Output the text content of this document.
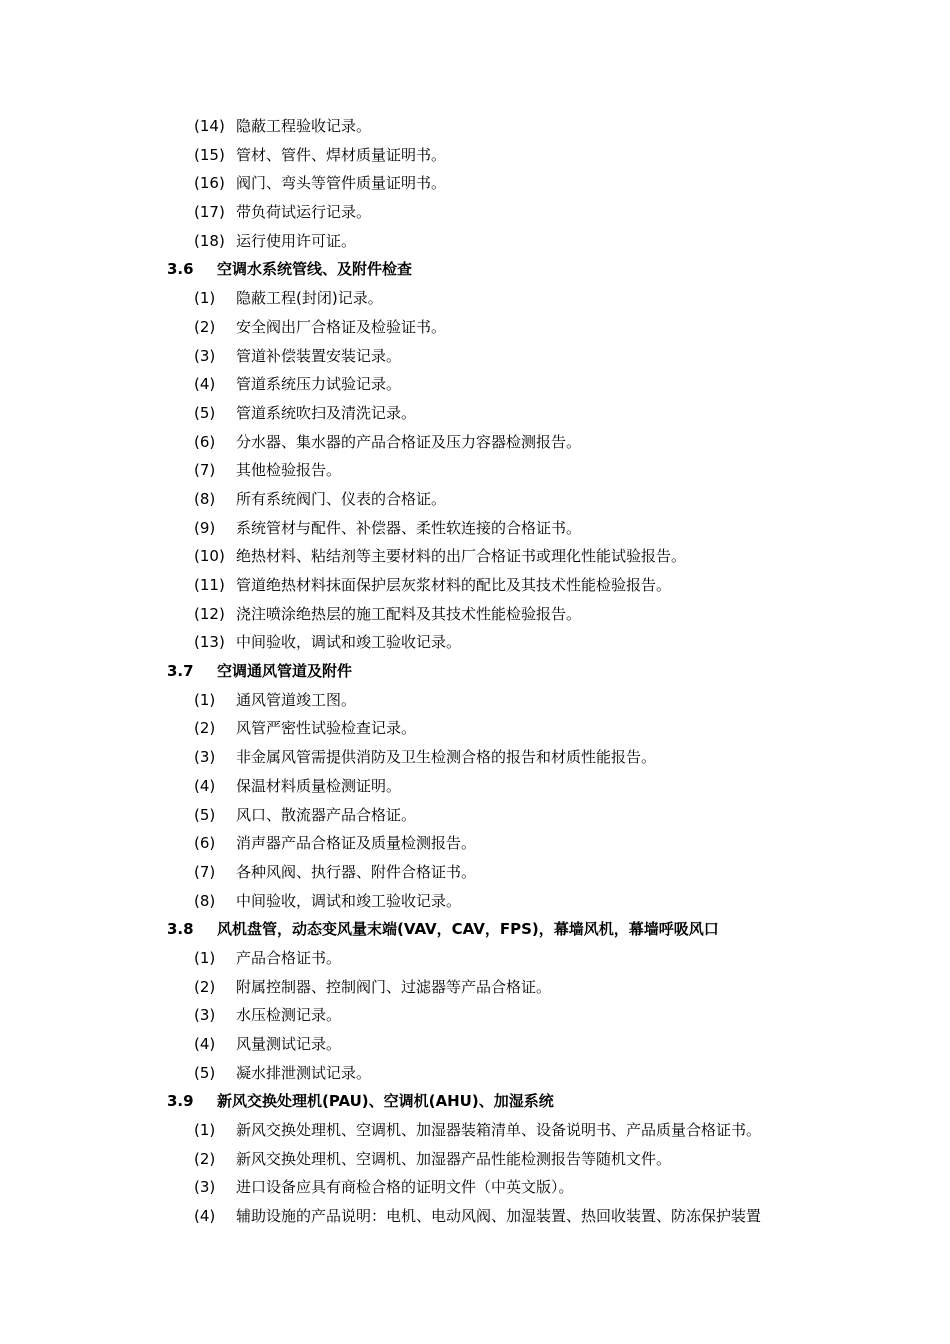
(14) 隐蔽工程验收记录。
(15) 管材、管件、焊材质量证明书。
(16) 阀门、弯头等管件质量证明书。
(17) 带负荷试运行记录。
(18) 运行使用许可证。
3.6 空调水系统管线、及附件检查
(1) 隐蔽工程(封闭)记录。
(2) 安全阀出厂合格证及检验证书。
(3) 管道补偿装置安装记录。
(4) 管道系统压力试验记录。
(5) 管道系统吹扫及清洗记录。
(6) 分水器、集水器的产品合格证及压力容器检测报告。
(7) 其他检验报告。
(8) 所有系统阀门、仪表的合格证。
(9) 系统管材与配件、补偿器、柔性软连接的合格证书。
(10) 绝热材料、粘结剂等主要材料的出厂合格证书或理化性能试验报告。
(11) 管道绝热材料抹面保护层灰浆材料的配比及其技术性能检验报告。
(12) 浇注喷涂绝热层的施工配料及其技术性能检验报告。
(13) 中间验收，调试和竣工验收记录。
3.7 空调通风管道及附件
(1) 通风管道竣工图。
(2) 风管严密性试验检查记录。
(3) 非金属风管需提供消防及卫生检测合格的报告和材质性能报告。
(4) 保温材料质量检测证明。
(5) 风口、散流器产品合格证。
(6) 消声器产品合格证及质量检测报告。
(7) 各种风阀、执行器、附件合格证书。
(8) 中间验收，调试和竣工验收记录。
3.8 风机盘管，动态变风量末端(VAV，CAV，FPS)，幕墙风机，幕墙呼吸风口
(1) 产品合格证书。
(2) 附属控制器、控制阀门、过滤器等产品合格证。
(3) 水压检测记录。
(4) 风量测试记录。
(5) 凝水排泄测试记录。
3.9 新风交换处理机(PAU)、空调机(AHU)、加湿系统
(1) 新风交换处理机、空调机、加湿器装箱清单、设备说明书、产品质量合格证书。
(2) 新风交换处理机、空调机、加湿器产品性能检测报告等随机文件。
(3) 进口设备应具有商检合格的证明文件（中英文版）。
(4) 辅助设施的产品说明：电机、电动风阀、加湿装置、热回收装置、防冻保护装置
